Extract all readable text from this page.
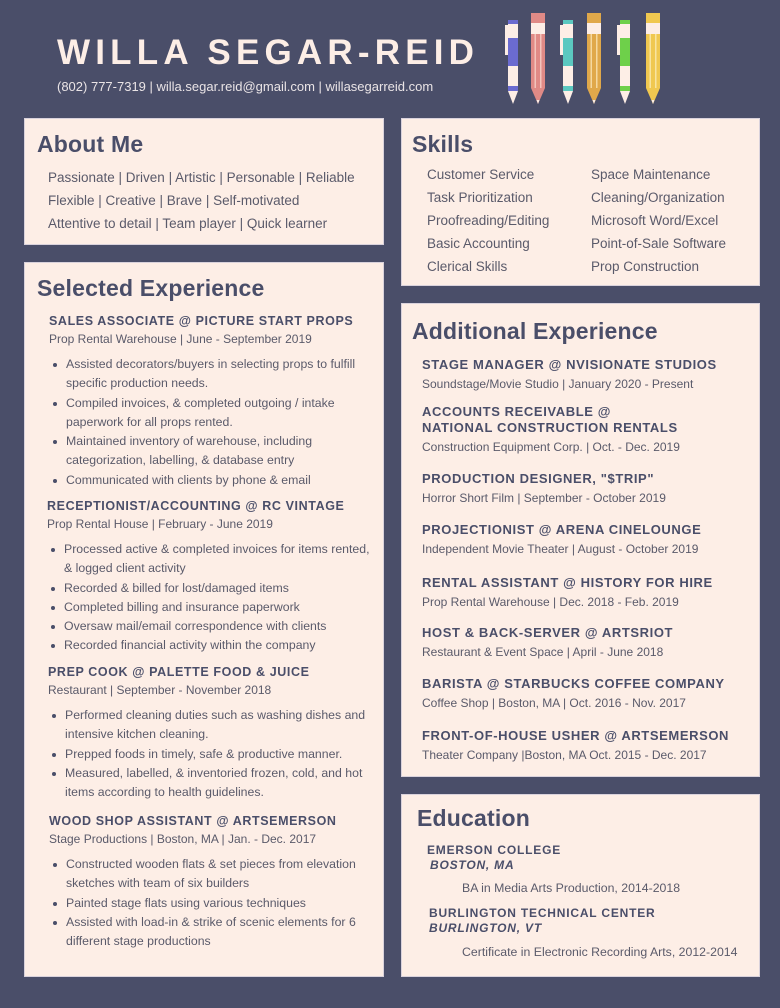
WILLA SEGAR-REID
(802) 777-7319 | willa.segar.reid@gmail.com | willasegarreid.com
About Me
Passionate | Driven | Artistic | Personable | Reliable
Flexible | Creative | Brave | Self-motivated
Attentive to detail | Team player | Quick learner
Skills
Customer Service
Task Prioritization
Proofreading/Editing
Basic Accounting
Clerical Skills
Space Maintenance
Cleaning/Organization
Microsoft Word/Excel
Point-of-Sale Software
Prop Construction
Selected Experience
SALES ASSOCIATE @ PICTURE START PROPS
Prop Rental Warehouse | June - September 2019
Assisted decorators/buyers in selecting props to fulfill specific production needs.
Compiled invoices, & completed outgoing / intake paperwork for all props rented.
Maintained inventory of warehouse, including categorization, labelling, & database entry
Communicated with clients by phone & email
RECEPTIONIST/ACCOUNTING @ RC VINTAGE
Prop Rental House | February - June 2019
Processed active & completed invoices for items rented, & logged client activity
Recorded & billed for lost/damaged items
Completed billing and insurance paperwork
Oversaw mail/email correspondence with clients
Recorded financial activity within the company
PREP COOK @ PALETTE FOOD & JUICE
Restaurant | September - November 2018
Performed cleaning duties such as washing dishes and intensive kitchen cleaning.
Prepped foods in timely, safe & productive manner.
Measured, labelled, & inventoried frozen, cold, and hot items according to health guidelines.
WOOD SHOP ASSISTANT @ ARTSEMERSON
Stage Productions | Boston, MA | Jan. - Dec. 2017
Constructed wooden flats & set pieces from elevation sketches with team of six builders
Painted stage flats using various techniques
Assisted with load-in & strike of scenic elements for 6 different stage productions
Additional Experience
STAGE MANAGER @ NVISIONATE STUDIOS
Soundstage/Movie Studio | January 2020 - Present
ACCOUNTS RECEIVABLE @ NATIONAL CONSTRUCTION RENTALS
Construction Equipment Corp. | Oct. - Dec. 2019
PRODUCTION DESIGNER, "$TRIP"
Horror Short Film | September - October 2019
PROJECTIONIST @ ARENA CINELOUNGE
Independent Movie Theater | August - October 2019
RENTAL ASSISTANT @ HISTORY FOR HIRE
Prop Rental Warehouse | Dec. 2018 - Feb. 2019
HOST & BACK-SERVER @ ARTSRIOT
Restaurant & Event Space | April - June 2018
BARISTA @ STARBUCKS COFFEE COMPANY
Coffee Shop | Boston, MA | Oct. 2016 - Nov. 2017
FRONT-OF-HOUSE USHER @ ARTSEMERSON
Theater Company |Boston, MA Oct. 2015 - Dec. 2017
Education
EMERSON COLLEGE
BOSTON, MA
BA in Media Arts Production, 2014-2018
BURLINGTON TECHNICAL CENTER
BURLINGTON, VT
Certificate in Electronic Recording Arts, 2012-2014
